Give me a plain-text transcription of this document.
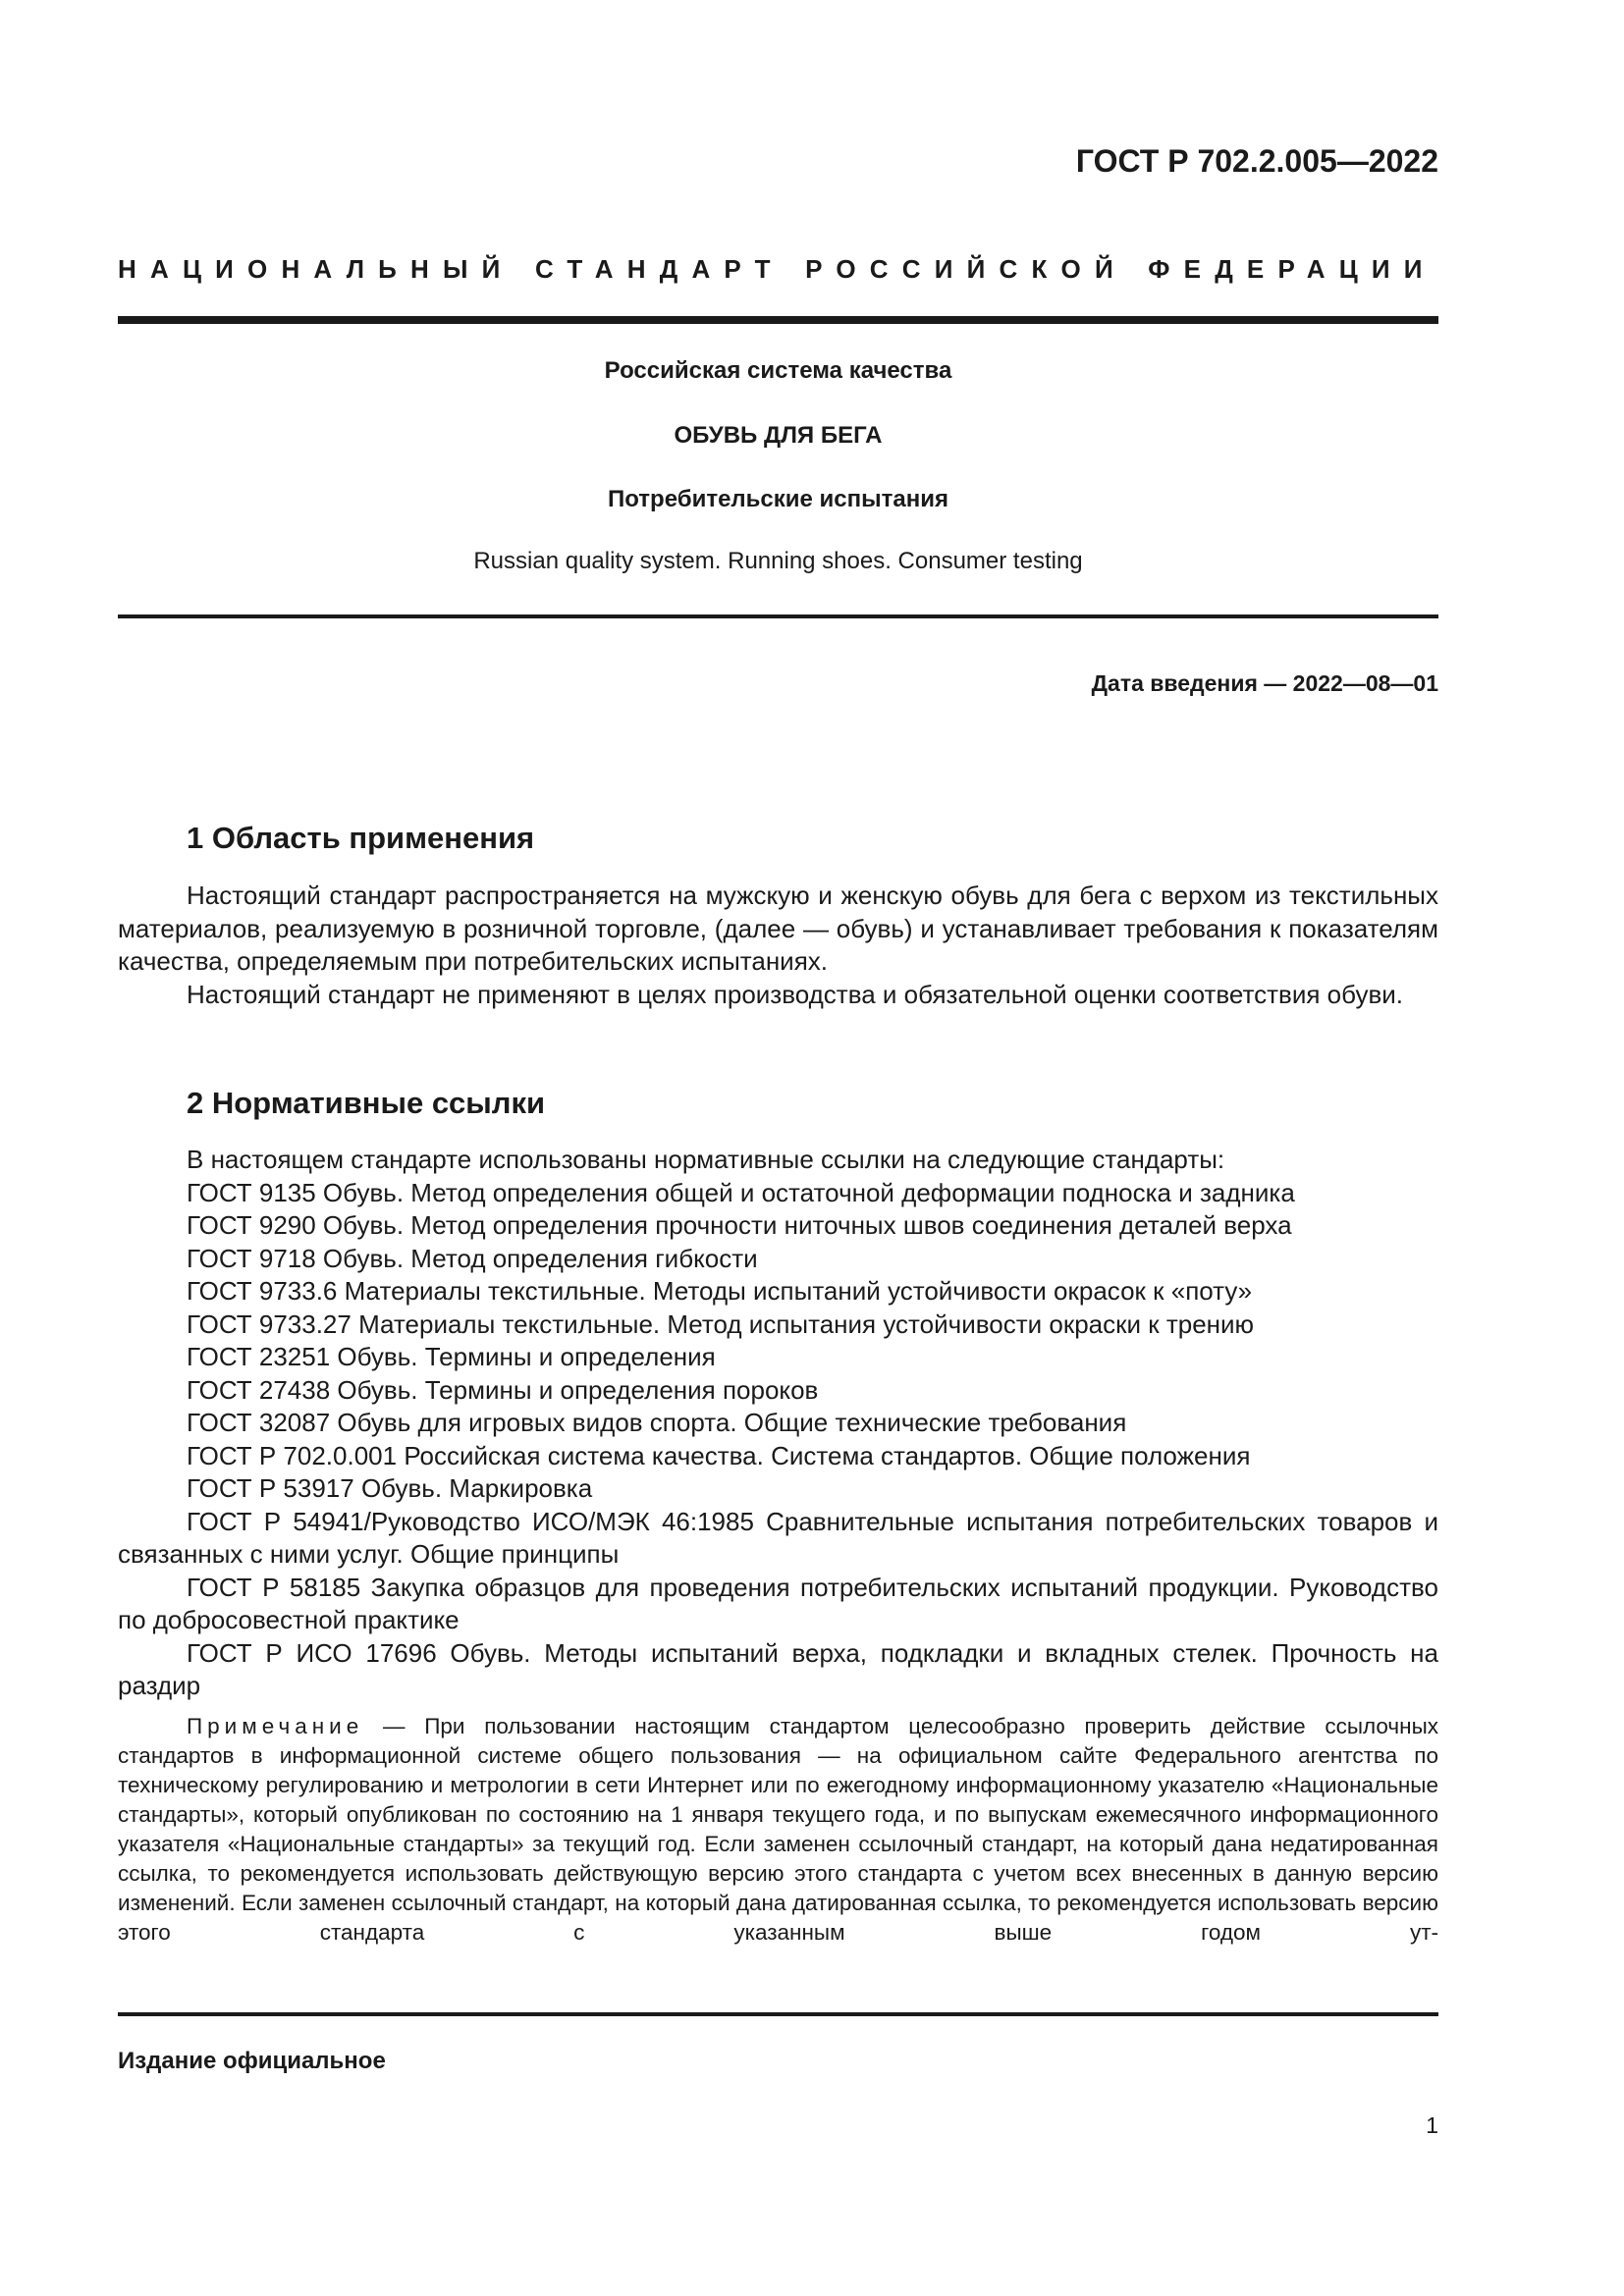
ГОСТ Р 702.2.005—2022
НАЦИОНАЛЬНЫЙ СТАНДАРТ РОССИЙСКОЙ ФЕДЕРАЦИИ
Российская система качества
ОБУВЬ ДЛЯ БЕГА
Потребительские испытания
Russian quality system. Running shoes. Consumer testing
Дата введения — 2022—08—01
1 Область применения

Настоящий стандарт распространяется на мужскую и женскую обувь для бега с верхом из текстильных материалов, реализуемую в розничной торговле, (далее — обувь) и устанавливает требования к показателям качества, определяемым при потребительских испытаниях.

Настоящий стандарт не применяют в целях производства и обязательной оценки соответствия обуви.

2 Нормативные ссылки

В настоящем стандарте использованы нормативные ссылки на следующие стандарты:

ГОСТ 9135 Обувь. Метод определения общей и остаточной деформации подноска и задника

ГОСТ 9290 Обувь. Метод определения прочности ниточных швов соединения деталей верха

ГОСТ 9718 Обувь. Метод определения гибкости

ГОСТ 9733.6 Материалы текстильные. Методы испытаний устойчивости окрасок к «поту»

ГОСТ 9733.27 Материалы текстильные. Метод испытания устойчивости окраски к трению

ГОСТ 23251 Обувь. Термины и определения

ГОСТ 27438 Обувь. Термины и определения пороков

ГОСТ 32087 Обувь для игровых видов спорта. Общие технические требования

ГОСТ Р 702.0.001 Российская система качества. Система стандартов. Общие положения

ГОСТ Р 53917 Обувь. Маркировка

ГОСТ Р 54941/Руководство ИСО/МЭК 46:1985 Сравнительные испытания потребительских товаров и связанных с ними услуг. Общие принципы

ГОСТ Р 58185 Закупка образцов для проведения потребительских испытаний продукции. Руководство по добросовестной практике

ГОСТ Р ИСО 17696 Обувь. Методы испытаний верха, подкладки и вкладных стелек. Прочность на раздир

Примечание — При пользовании настоящим стандартом целесообразно проверить действие ссылочных стандартов в информационной системе общего пользования — на официальном сайте Федерального агентства по техническому регулированию и метрологии в сети Интернет или по ежегодному информационному указателю «Национальные стандарты», который опубликован по состоянию на 1 января текущего года, и по выпускам ежемесячного информационного указателя «Национальные стандарты» за текущий год. Если заменен ссылочный стандарт, на который дана недатированная ссылка, то рекомендуется использовать действующую версию этого стандарта с учетом всех внесенных в данную версию изменений. Если заменен ссылочный стандарт, на который дана датированная ссылка, то рекомендуется использовать версию этого стандарта с указанным выше годом ут-

Издание официальное
1
